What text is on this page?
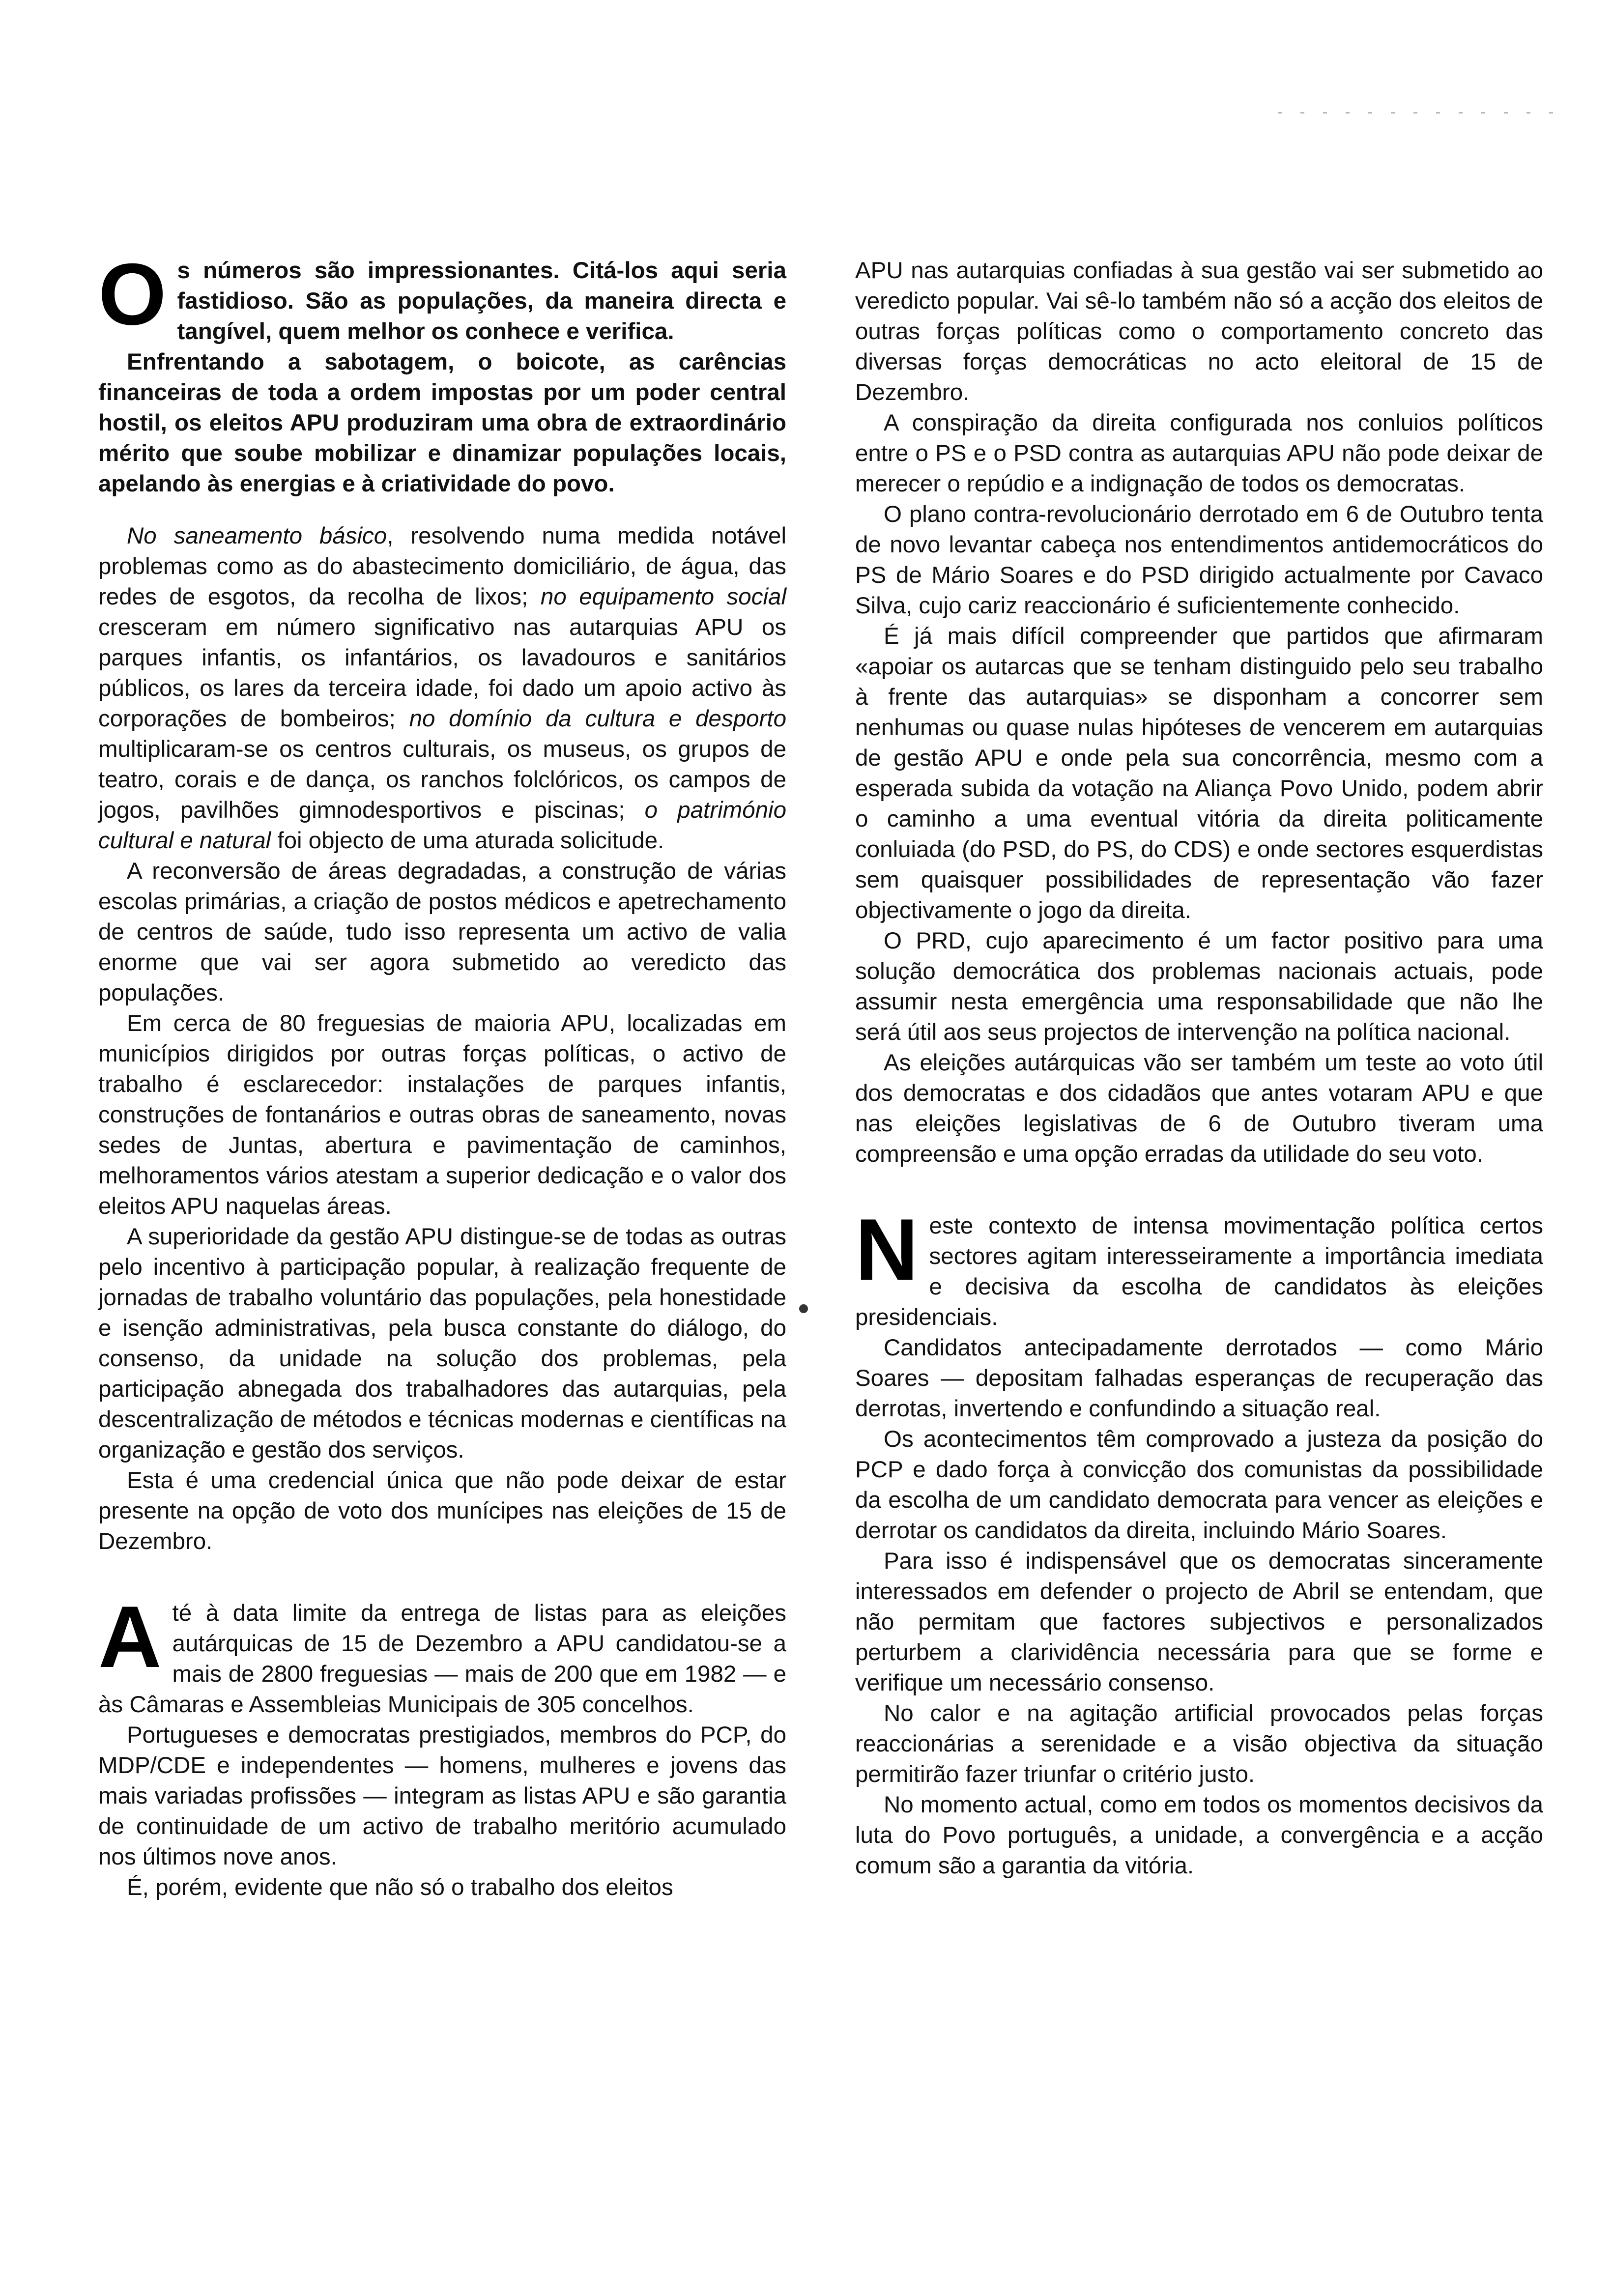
O s números são impressionantes. Citá-los aqui seria fastidioso. São as populações, da maneira directa e tangível, quem melhor os conhece e verifica.

Enfrentando a sabotagem, o boicote, as carências financeiras de toda a ordem impostas por um poder central hostil, os eleitos APU produziram uma obra de extraordinário mérito que soube mobilizar e dinamizar populações locais, apelando às energias e à criatividade do povo.

No saneamento básico, resolvendo numa medida notável problemas como as do abastecimento domiciliário, de água, das redes de esgotos, da recolha de lixos; no equipamento social cresceram em número significativo nas autarquias APU os parques infantis, os infantários, os lavadouros e sanitários públicos, os lares da terceira idade, foi dado um apoio activo às corporações de bombeiros; no domínio da cultura e desporto multiplicaram-se os centros culturais, os museus, os grupos de teatro, corais e de dança, os ranchos folclóricos, os campos de jogos, pavilhões gimnodesportivos e piscinas; o património cultural e natural foi objecto de uma aturada solicitude.

A reconversão de áreas degradadas, a construção de várias escolas primárias, a criação de postos médicos e apetrechamento de centros de saúde, tudo isso representa um activo de valia enorme que vai ser agora submetido ao veredicto das populações.

Em cerca de 80 freguesias de maioria APU, localizadas em municípios dirigidos por outras forças políticas, o activo de trabalho é esclarecedor: instalações de parques infantis, construções de fontanários e outras obras de saneamento, novas sedes de Juntas, abertura e pavimentação de caminhos, melhoramentos vários atestam a superior dedicação e o valor dos eleitos APU naquelas áreas.

A superioridade da gestão APU distingue-se de todas as outras pelo incentivo à participação popular, à realização frequente de jornadas de trabalho voluntário das populações, pela honestidade e isenção administrativas, pela busca constante do diálogo, do consenso, da unidade na solução dos problemas, pela participação abnegada dos trabalhadores das autarquias, pela descentralização de métodos e técnicas modernas e científicas na organização e gestão dos serviços.

Esta é uma credencial única que não pode deixar de estar presente na opção de voto dos munícipes nas eleições de 15 de Dezembro.

A té à data limite da entrega de listas para as eleições autárquicas de 15 de Dezembro a APU candidatou-se a mais de 2800 freguesias — mais de 200 que em 1982 — e às Câmaras e Assembleias Municipais de 305 concelhos.

Portugueses e democratas prestigiados, membros do PCP, do MDP/CDE e independentes — homens, mulheres e jovens das mais variadas profissões — integram as listas APU e são garantia de continuidade de um activo de trabalho meritório acumulado nos últimos nove anos.

É, porém, evidente que não só o trabalho dos eleitos

APU nas autarquias confiadas à sua gestão vai ser submetido ao veredicto popular. Vai sê-lo também não só a acção dos eleitos de outras forças políticas como o comportamento concreto das diversas forças democráticas no acto eleitoral de 15 de Dezembro.

A conspiração da direita configurada nos conluios políticos entre o PS e o PSD contra as autarquias APU não pode deixar de merecer o repúdio e a indignação de todos os democratas.

O plano contra-revolucionário derrotado em 6 de Outubro tenta de novo levantar cabeça nos entendimentos antidemocráticos do PS de Mário Soares e do PSD dirigido actualmente por Cavaco Silva, cujo cariz reaccionário é suficientemente conhecido.

É já mais difícil compreender que partidos que afirmaram «apoiar os autarcas que se tenham distinguido pelo seu trabalho à frente das autarquias» se disponham a concorrer sem nenhumas ou quase nulas hipóteses de vencerem em autarquias de gestão APU e onde pela sua concorrência, mesmo com a esperada subida da votação na Aliança Povo Unido, podem abrir o caminho a uma eventual vitória da direita politicamente conluiada (do PSD, do PS, do CDS) e onde sectores esquerdistas sem quaisquer possibilidades de representação vão fazer objectivamente o jogo da direita.

O PRD, cujo aparecimento é um factor positivo para uma solução democrática dos problemas nacionais actuais, pode assumir nesta emergência uma responsabilidade que não lhe será útil aos seus projectos de intervenção na política nacional.

As eleições autárquicas vão ser também um teste ao voto útil dos democratas e dos cidadãos que antes votaram APU e que nas eleições legislativas de 6 de Outubro tiveram uma compreensão e uma opção erradas da utilidade do seu voto.

N este contexto de intensa movimentação política certos sectores agitam interesseiramente a importância imediata e decisiva da escolha de candidatos às eleições presidenciais.

Candidatos antecipadamente derrotados — como Mário Soares — depositam falhadas esperanças de recuperação das derrotas, invertendo e confundindo a situação real.

Os acontecimentos têm comprovado a justeza da posição do PCP e dado força à convicção dos comunistas da possibilidade da escolha de um candidato democrata para vencer as eleições e derrotar os candidatos da direita, incluindo Mário Soares.

Para isso é indispensável que os democratas sinceramente interessados em defender o projecto de Abril se entendam, que não permitam que factores subjectivos e personalizados perturbem a clarividência necessária para que se forme e verifique um necessário consenso.

No calor e na agitação artificial provocados pelas forças reaccionárias a serenidade e a visão objectiva da situação permitirão fazer triunfar o critério justo.

No momento actual, como em todos os momentos decisivos da luta do Povo português, a unidade, a convergência e a acção comum são a garantia da vitória.
